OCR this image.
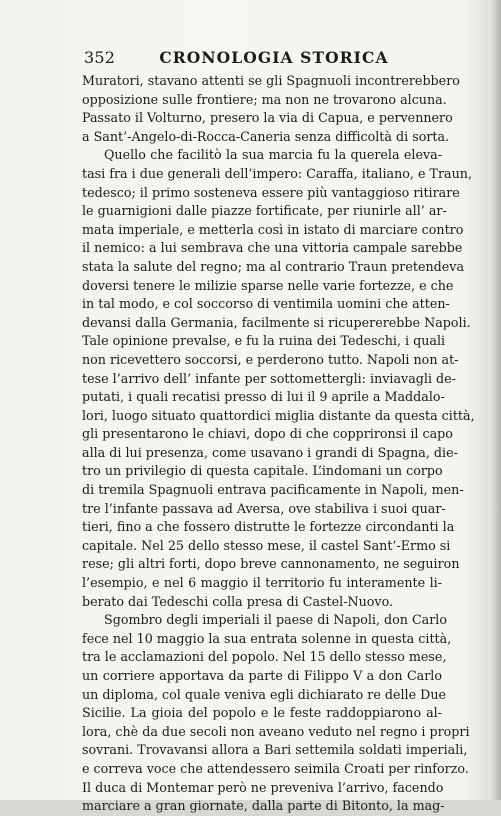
352	CRONOLOGIA STORICA
Muratori, stavano attenti se gli Spagnuoli incontrerebbero
opposizione sulle frontiere; ma non ne trovarono alcuna.
Passato il Volturno, presero la via di Capua, e pervennero
a Sant’-Angelo-di-Rocca-Caneria senza difficoltà di sorta.
Quello che facilitò la sua marcia fu la querela eleva-
tasi fra i due generali dell’impero: Caraffa, italiano, e Traun,
tedesco; il primo sosteneva essere più vantaggioso ritirare
le guarnigioni dalle piazze fortificate, per riunirle all’ ar-
mata imperiale, e metterla così in istato di marciare contro
il nemico: a lui sembrava che una vittoria campale sarebbe
stata la salute del regno; ma al contrario Traun pretendeva
doversi tenere le milizie sparse nelle varie fortezze, e che
in tal modo, e col soccorso di ventimila uomini che atten-
devansi dalla Germania, facilmente si ricupererebbe Napoli.
Tale opinione prevalse, e fu la ruina dei Tedeschi, i quali
non ricevettero soccorsi, e perderono tutto. Napoli non at-
tese l’arrivo dell’ infante per sottomettergli: inviavagli de-
putati, i quali recatisi presso di lui il 9 aprile a Maddalo-
lori, luogo situato quattordici miglia distante da questa città,
gli presentarono le chiavi, dopo di che copprironsi il capo
alla di lui presenza, come usavano i grandi di Spagna, die-
tro un privilegio di questa capitale. L’indomani un corpo
di tremila Spagnuoli entrava pacificamente in Napoli, men-
tre l’infante passava ad Aversa, ove stabiliva i suoi quar-
tieri, fino a che fossero distrutte le fortezze circondanti la
capitale. Nel 25 dello stesso mese, il castel Sant’-Ermo si
rese; gli altri forti, dopo breve cannonamento, ne seguiron
l’esempio, e nel 6 maggio il territorio fu interamente li-
berato dai Tedeschi colla presa di Castel-Nuovo.
Sgombro degli imperiali il paese di Napoli, don Carlo
fece nel 10 maggio la sua entrata solenne in questa città,
tra le acclamazioni del popolo. Nel 15 dello stesso mese,
un corriere apportava da parte di Filippo V a don Carlo
un diploma, col quale veniva egli dichiarato re delle Due
Sicilie. La gioia del popolo e le feste raddoppiarono al-
lora, chè da due secoli non aveano veduto nel regno i propri
sovrani. Trovavansi allora a Bari settemila soldati imperiali,
e correva voce che attendessero seimila Croati per rinforzo.
Il duca di Montemar però ne preveniva l’arrivo, facendo
marciare a gran giornate, dalla parte di Bitonto, la mag-
